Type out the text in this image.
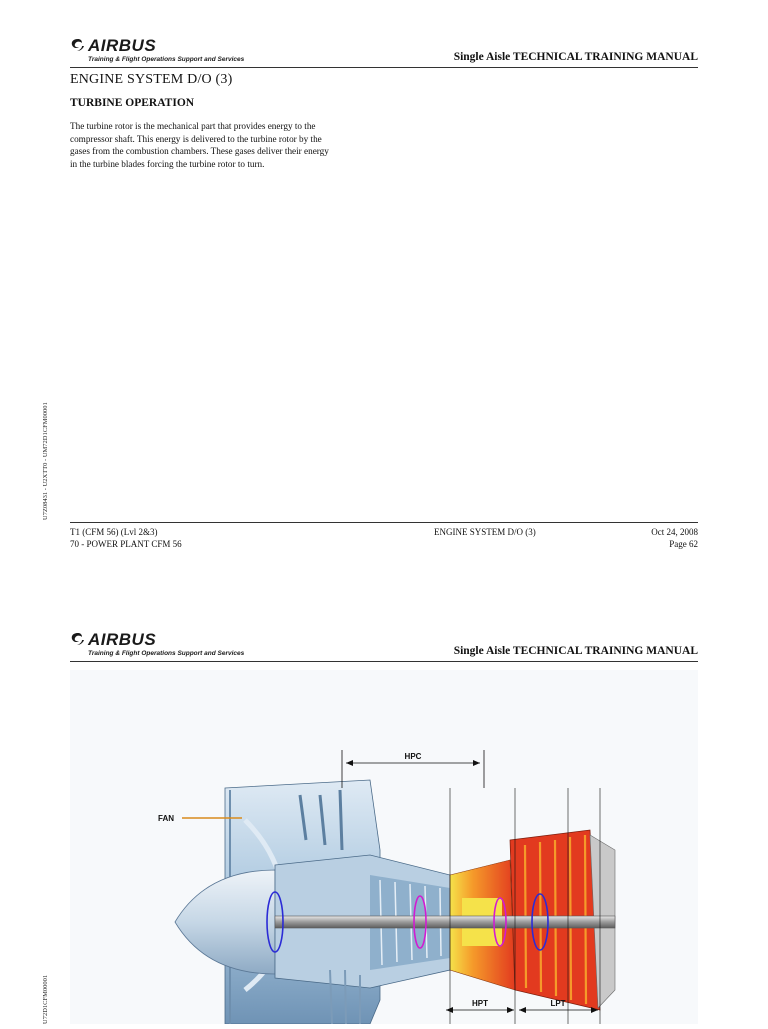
AIRBUS
Training & Flight Operations Support and Services	Single Aisle TECHNICAL TRAINING MANUAL
ENGINE SYSTEM D/O (3)
TURBINE OPERATION
The turbine rotor is the mechanical part that provides energy to the
compressor shaft. This energy is delivered to the turbine rotor by the
gases from the combustion chambers. These gases deliver their energy
in the turbine blades forcing the turbine rotor to turn.
U7Z08431 - U2XTT0 - UM72D1CFM00001
T1 (CFM 56) (Lvl 2&3)
70 - POWER PLANT CFM 56
ENGINE SYSTEM D/O (3)	Oct 24, 2008
Page 62
AIRBUS
Training & Flight Operations Support and Services	Single Aisle TECHNICAL TRAINING MANUAL
U72D1CFM00001
HPC
FAN
HPT	LPT
